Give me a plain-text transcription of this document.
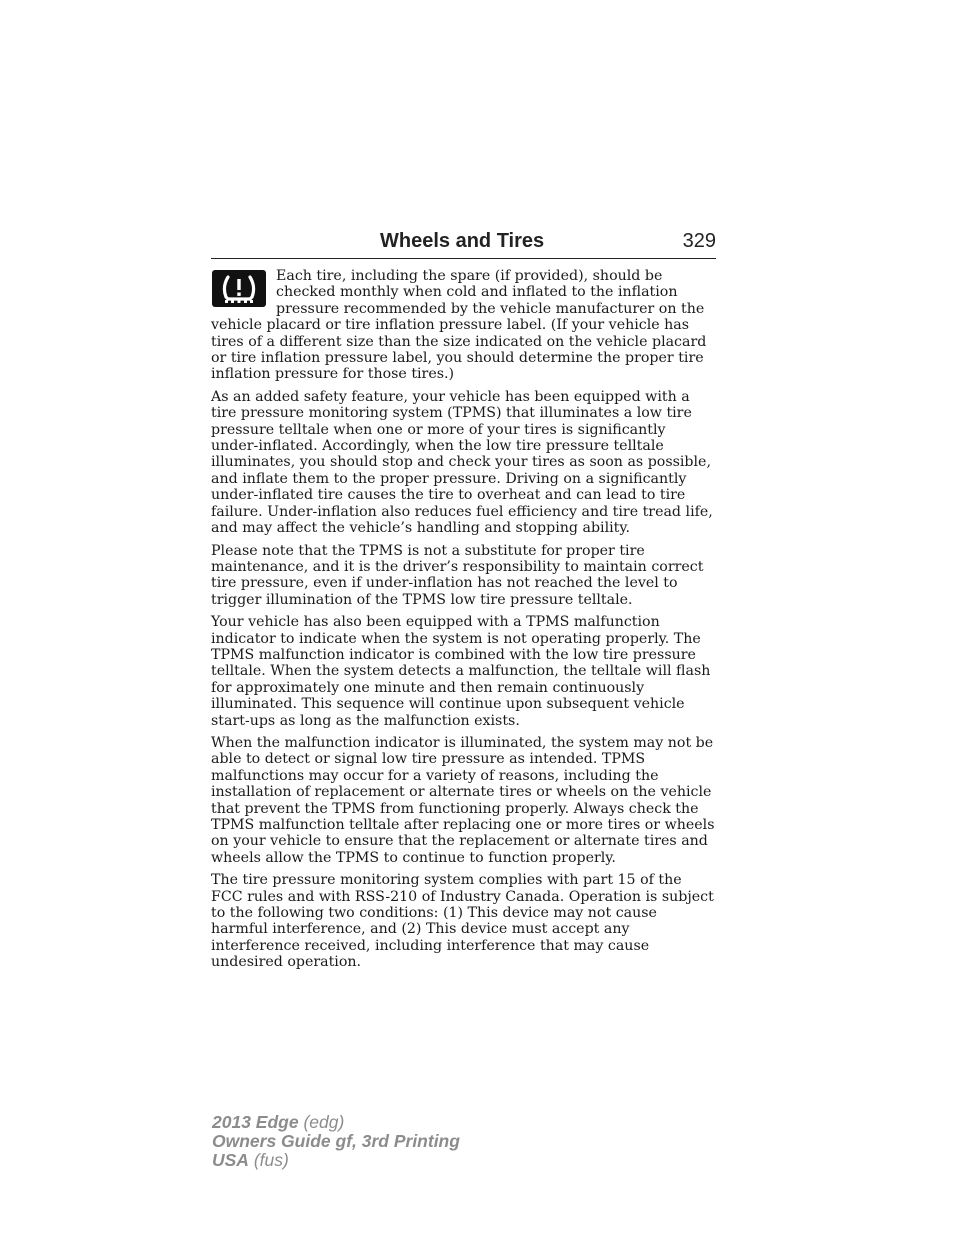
Wheels and Tires	329

Each tire, including the spare (if provided), should be checked monthly when cold and inflated to the inflation pressure recommended by the vehicle manufacturer on the vehicle placard or tire inflation pressure label. (If your vehicle has tires of a different size than the size indicated on the vehicle placard or tire inflation pressure label, you should determine the proper tire inflation pressure for those tires.)

As an added safety feature, your vehicle has been equipped with a tire pressure monitoring system (TPMS) that illuminates a low tire pressure telltale when one or more of your tires is significantly under-inflated. Accordingly, when the low tire pressure telltale illuminates, you should stop and check your tires as soon as possible, and inflate them to the proper pressure. Driving on a significantly under-inflated tire causes the tire to overheat and can lead to tire failure. Under-inflation also reduces fuel efficiency and tire tread life, and may affect the vehicle’s handling and stopping ability.

Please note that the TPMS is not a substitute for proper tire maintenance, and it is the driver’s responsibility to maintain correct tire pressure, even if under-inflation has not reached the level to trigger illumination of the TPMS low tire pressure telltale.

Your vehicle has also been equipped with a TPMS malfunction indicator to indicate when the system is not operating properly. The TPMS malfunction indicator is combined with the low tire pressure telltale. When the system detects a malfunction, the telltale will flash for approximately one minute and then remain continuously illuminated. This sequence will continue upon subsequent vehicle start-ups as long as the malfunction exists.

When the malfunction indicator is illuminated, the system may not be able to detect or signal low tire pressure as intended. TPMS malfunctions may occur for a variety of reasons, including the installation of replacement or alternate tires or wheels on the vehicle that prevent the TPMS from functioning properly. Always check the TPMS malfunction telltale after replacing one or more tires or wheels on your vehicle to ensure that the replacement or alternate tires and wheels allow the TPMS to continue to function properly.

The tire pressure monitoring system complies with part 15 of the FCC rules and with RSS-210 of Industry Canada. Operation is subject to the following two conditions: (1) This device may not cause harmful interference, and (2) This device must accept any interference received, including interference that may cause undesired operation.

2013 Edge (edg)
Owners Guide gf, 3rd Printing
USA (fus)
